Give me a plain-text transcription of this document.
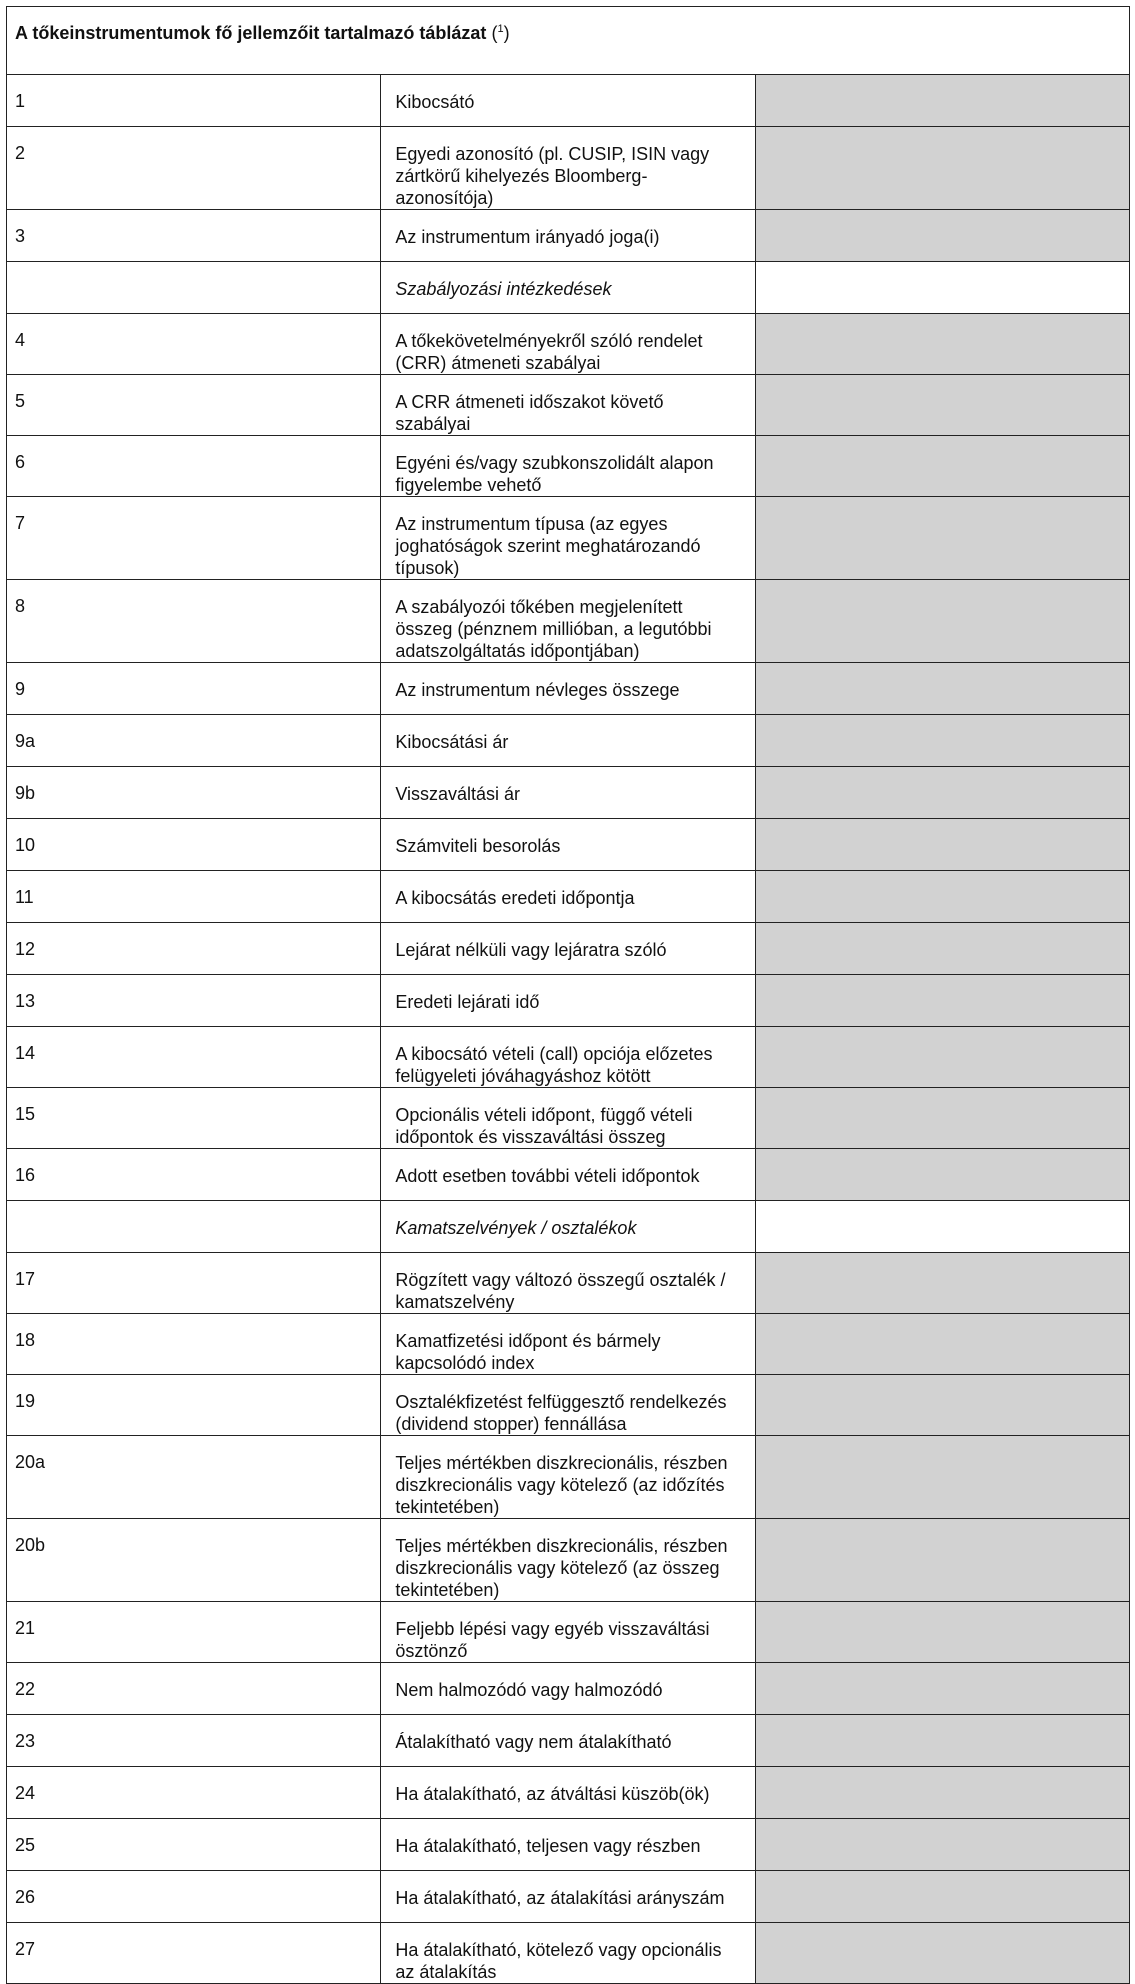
A tőkeinstrumentumok fő jellemzőit tartalmazó táblázat ($^1$)		
1	Kibocsátó	
2	Egyedi azonosító (pl. CUSIP, ISIN vagy zártkörű kihelyezés Bloomberg-azonosítója)	
3	Az instrumentum irányadó joga(i)	
	Szabályozási intézkedések	
4	A tőkekövetelményekről szóló rendelet (CRR) átmeneti szabályai	
5	A CRR átmeneti időszakot követő szabályai	
6	Egyéni és/vagy szubkonszolidált alapon figyelembe vehető	
7	Az instrumentum típusa (az egyes joghatóságok szerint meghatározandó típusok)	
8	A szabályozói tőkében megjelenített összeg (pénznem millióban, a legutóbbi adatszolgáltatás időpontjában)	
9	Az instrumentum névleges összege	
9a	Kibocsátási ár	
9b	Visszaváltási ár	
10	Számviteli besorolás	
11	A kibocsátás eredeti időpontja	
12	Lejárat nélküli vagy lejáratra szóló	
13	Eredeti lejárati idő	
14	A kibocsátó vételi (call) opciója előzetes felügyeleti jóváhagyáshoz kötött	
15	Opcionális vételi időpont, függő vételi időpontok és visszaváltási összeg	
16	Adott esetben további vételi időpontok	
	Kamatszelvények / osztalékok	
17	Rögzített vagy változó összegű osztalék / kamatszelvény	
18	Kamatfizetési időpont és bármely kapcsolódó index	
19	Osztalékfizetést felfüggesztő rendelkezés (dividend stopper) fennállása	
20a	Teljes mértékben diszkrecionális, részben diszkrecionális vagy kötelező (az időzítés tekintetében)	
20b	Teljes mértékben diszkrecionális, részben diszkrecionális vagy kötelező (az összeg tekintetében)	
21	Feljebb lépési vagy egyéb visszaváltási ösztönző	
22	Nem halmozódó vagy halmozódó	
23	Átalakítható vagy nem átalakítható	
24	Ha átalakítható, az átváltási küszöb(ök)	
25	Ha átalakítható, teljesen vagy részben	
26	Ha átalakítható, az átalakítási arányszám	
27	Ha átalakítható, kötelező vagy opcionális az átalakítás	
